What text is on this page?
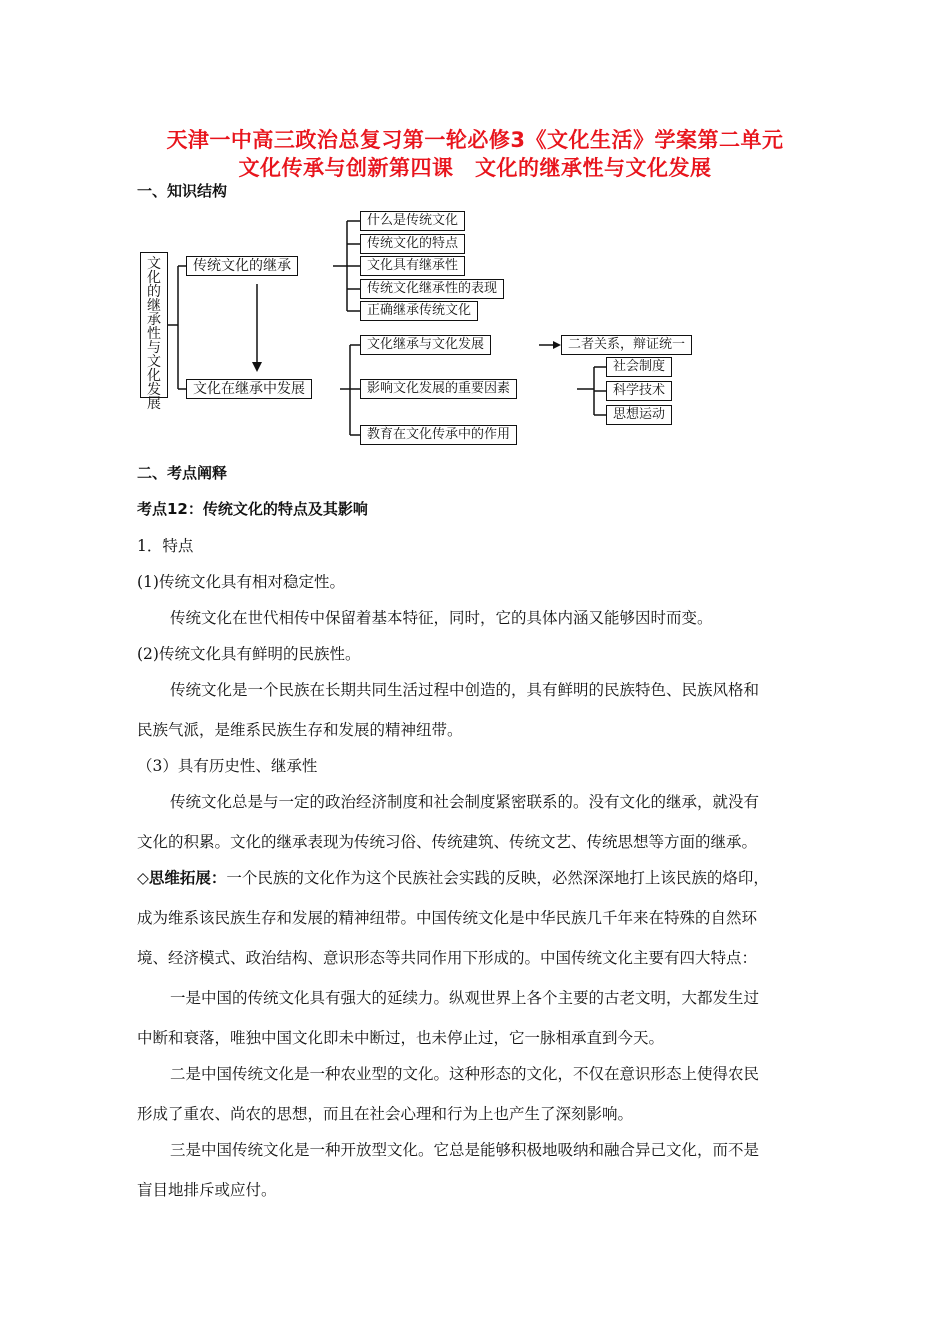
天津一中高三政治总复习第一轮必修3《文化生活》学案第二单元
文化传承与创新第四课　文化的继承性与文化发展
一、知识结构
文化的继承性与文化发展
传统文化的继承
文化在继承中发展
什么是传统文化
传统文化的特点
文化具有继承性
传统文化继承性的表现
正确继承传统文化
文化继承与文化发展
影响文化发展的重要因素
教育在文化传承中的作用
二者关系，辩证统一
社会制度
科学技术
思想运动
二、考点阐释
考点12：传统文化的特点及其影响
1．特点
(1)传统文化具有相对稳定性。
传统文化在世代相传中保留着基本特征，同时，它的具体内涵又能够因时而变。
(2)传统文化具有鲜明的民族性。
传统文化是一个民族在长期共同生活过程中创造的，具有鲜明的民族特色、民族风格和
民族气派，是维系民族生存和发展的精神纽带。
（3）具有历史性、继承性
传统文化总是与一定的政治经济制度和社会制度紧密联系的。没有文化的继承，就没有
文化的积累。文化的继承表现为传统习俗、传统建筑、传统文艺、传统思想等方面的继承。
◇思维拓展：一个民族的文化作为这个民族社会实践的反映，必然深深地打上该民族的烙印，
成为维系该民族生存和发展的精神纽带。中国传统文化是中华民族几千年来在特殊的自然环
境、经济模式、政治结构、意识形态等共同作用下形成的。中国传统文化主要有四大特点：
一是中国的传统文化具有强大的延续力。纵观世界上各个主要的古老文明，大都发生过
中断和衰落，唯独中国文化即未中断过，也未停止过，它一脉相承直到今天。
二是中国传统文化是一种农业型的文化。这种形态的文化，不仅在意识形态上使得农民
形成了重农、尚农的思想，而且在社会心理和行为上也产生了深刻影响。
三是中国传统文化是一种开放型文化。它总是能够积极地吸纳和融合异己文化，而不是
盲目地排斥或应付。
